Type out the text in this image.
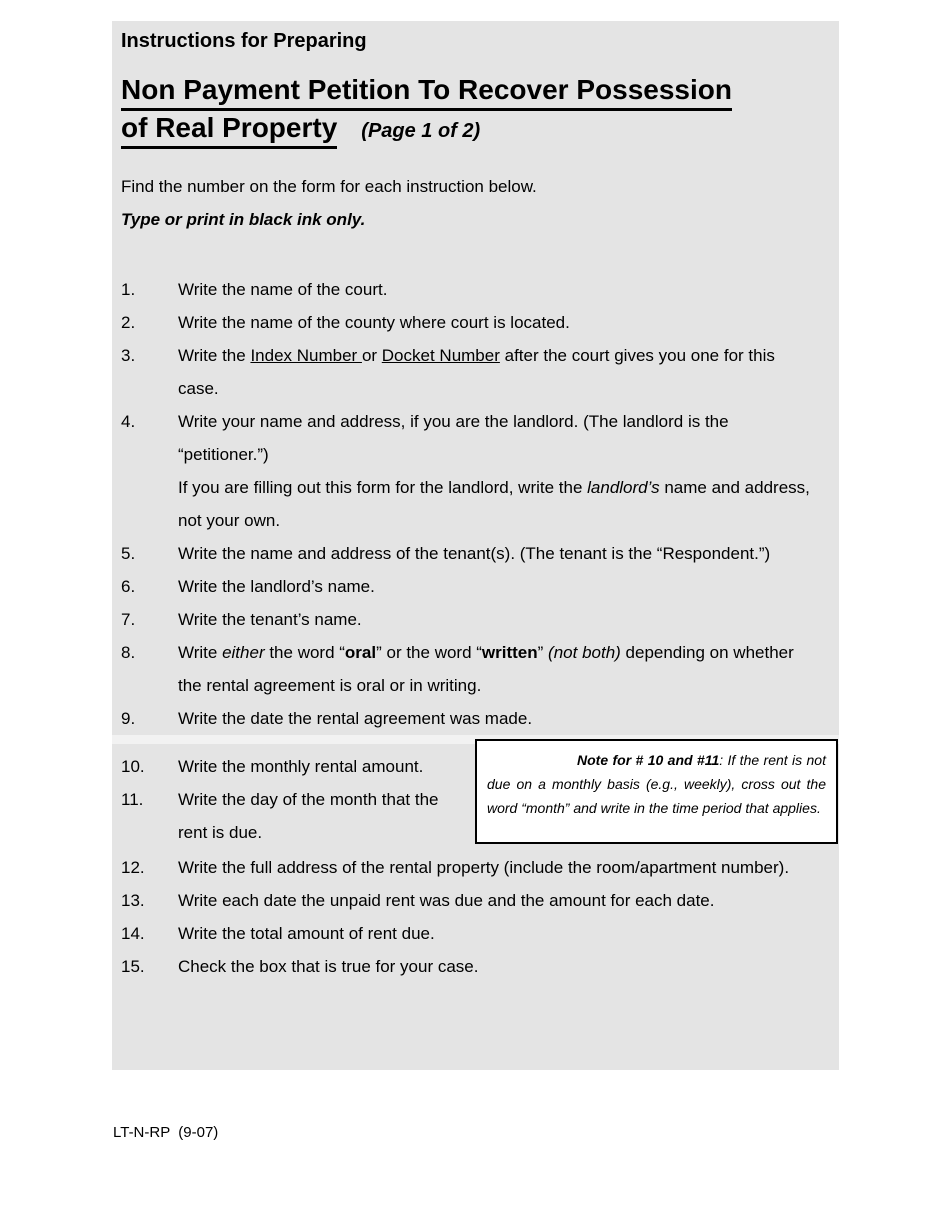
Instructions for Preparing

Non Payment Petition To Recover Possession
of Real Property (Page 1 of 2)

Find the number on the form for each instruction below.

Type or print in black ink only.

1.	Write the name of the court.

2.	Write the name of the county where court is located.

3.	Write the Index Number or Docket Number after the court gives you one for this case.

4.	Write your name and address, if you are the landlord. (The landlord is the “petitioner.”)

If you are filling out this form for the landlord, write the landlord’s name and address, not your own.

5.	Write the name and address of the tenant(s). (The tenant is the “Respondent.”)

6.	Write the landlord’s name.

7.	Write the tenant’s name.

8.	Write either the word “oral” or the word “written” (not both) depending on whether the rental agreement is oral or in writing.

9.	Write the date the rental agreement was made.

10.	Write the monthly rental amount.

11.	Write the day of the month that the rent is due.

Note for # 10 and #11: If the rent is not due on a monthly basis (e.g., weekly), cross out the word “month” and write in the time period that applies.

12.	Write the full address of the rental property (include the room/apartment number).

13.	Write each date the unpaid rent was due and the amount for each date.

14.	Write the total amount of rent due.

15.	Check the box that is true for your case.

LT-N-RP  (9-07)
